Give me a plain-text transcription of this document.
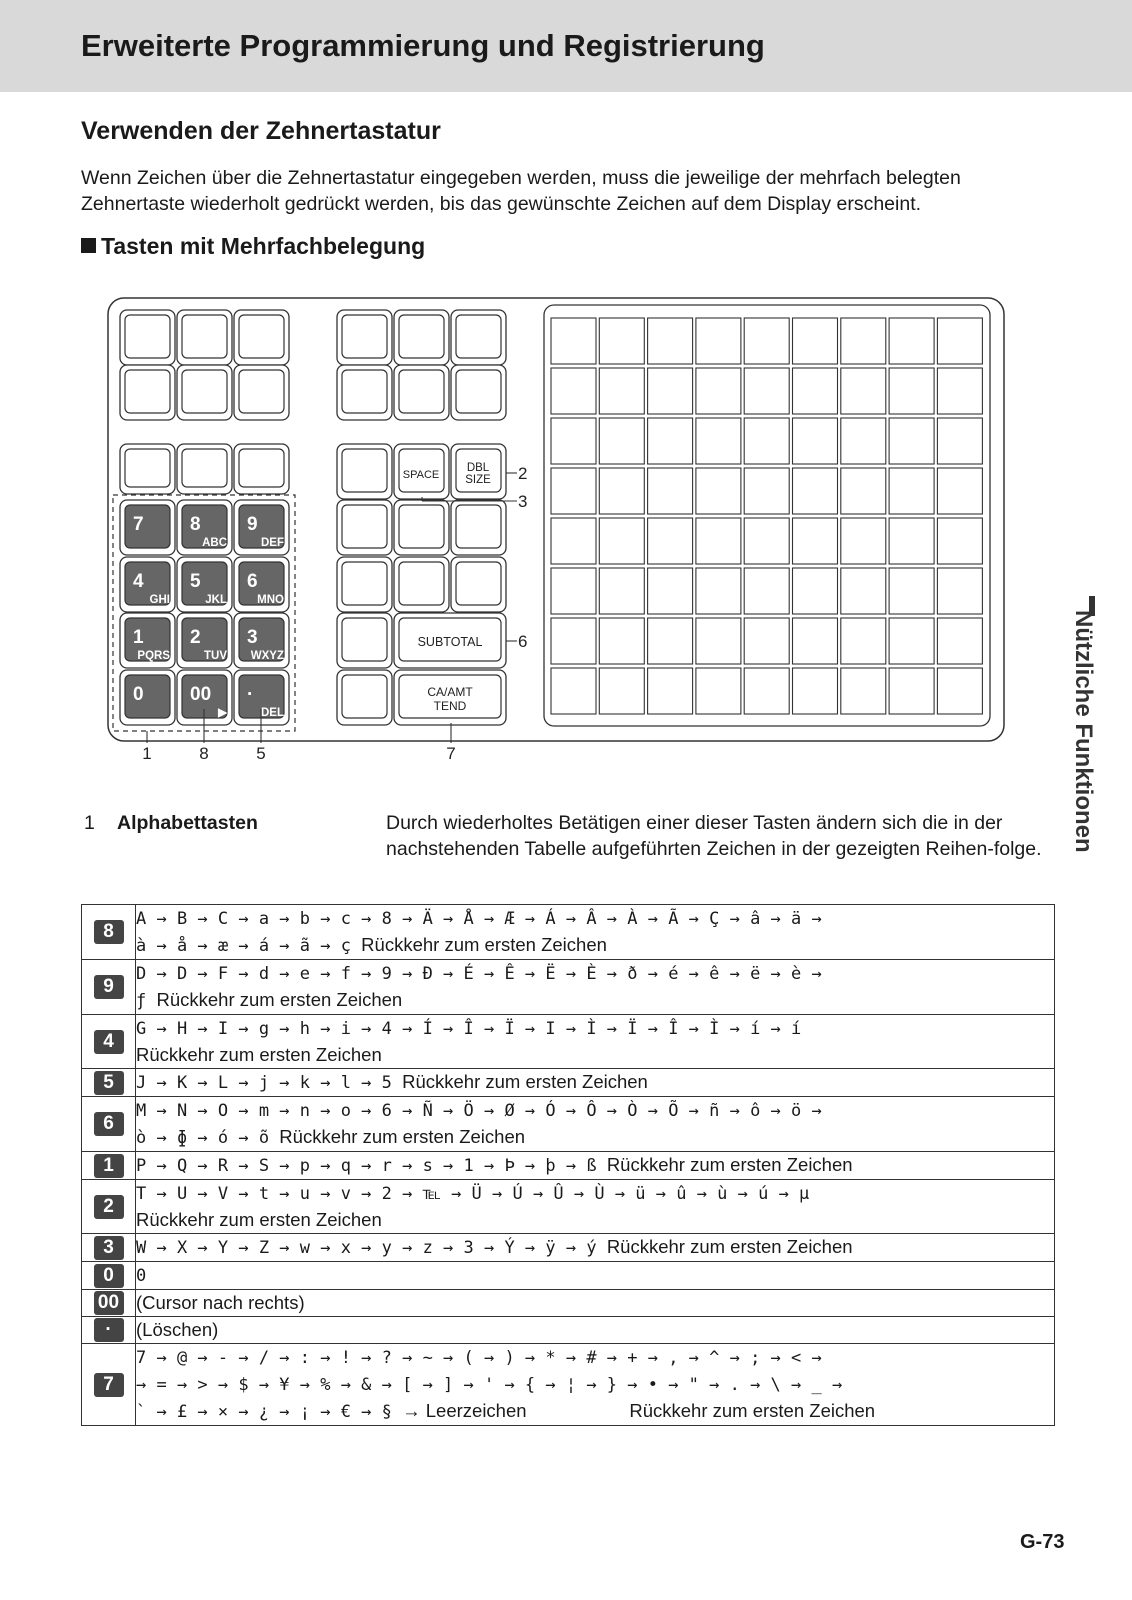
Erweiterte Programmierung und Registrierung
Verwenden der Zehnertastatur

Wenn Zeichen über die Zehnertastatur eingegeben werden, muss die jeweilige der mehrfach belegten Zehnertaste wiederholt gedrückt werden, bis das gewünschte Zeichen auf dem Display erscheint.

Tasten mit Mehrfachbelegung
Nützliche Funktionen
7 8
ABC
9
DEF
4
GHI
5
JKL
6
MNO
1
PQRS
2
TUV
3
WXYZ
0 00
▶
·
DEL
SPACE
DBL
SIZE
SUBTOTAL
CA/AMT
TEND
1	8	5	7
2
3
6
1 Alphabettasten	Durch wiederholtes Betätigen einer dieser Tasten ändern sich die in der nachstehenden Tabelle aufgeführten Zeichen in der gezeigten Reihen-folge.
8	A → B → C → a → b → c → 8 → Ä → Å → Æ → Á → Â → À → Ã → Ç → â → ä →
à → å → æ → á → ã → ç Rückkehr zum ersten Zeichen

9	D → D → F → d → e → f → 9 → Đ → É → Ê → Ë → È → ð → é → ê → ë → è →
ƒ Rückkehr zum ersten Zeichen

4	G → H → I → g → h → i → 4 → Í → Î → Ï → I → Ì → Ï → Î → Ì → í → í
Rückkehr zum ersten Zeichen

5	J → K → L → j → k → l → 5 Rückkehr zum ersten Zeichen

6	M → N → O → m → n → o → 6 → Ñ → Ö → Ø → Ó → Ô → Ò → Õ → ñ → ô → ö →
ò → ɸ → ó → õ Rückkehr zum ersten Zeichen

1	P → Q → R → S → p → q → r → s → 1 → Þ → þ → ß Rückkehr zum ersten Zeichen

2	T → U → V → t → u → v → 2 → ℡ → Ü → Ú → Û → Ù → ü → û → ù → ú → µ
Rückkehr zum ersten Zeichen

3	W → X → Y → Z → w → x → y → z → 3 → Ý → ÿ → ý Rückkehr zum ersten Zeichen

0	0

00	(Cursor nach rechts)

·	(Löschen)

7	7 → @ → - → / → : → ! → ? → ~ → ( → ) → * → # → + → , → ^ → ; → < →
→ = → > → $ → ¥ → % → & → [ → ] → ' → { → ¦ → } → • → " → . → \ → _ →
` → £ → × → ¿ → ¡ → € → § → Leerzeichen                    Rückkehr zum ersten Zeichen
G-73
